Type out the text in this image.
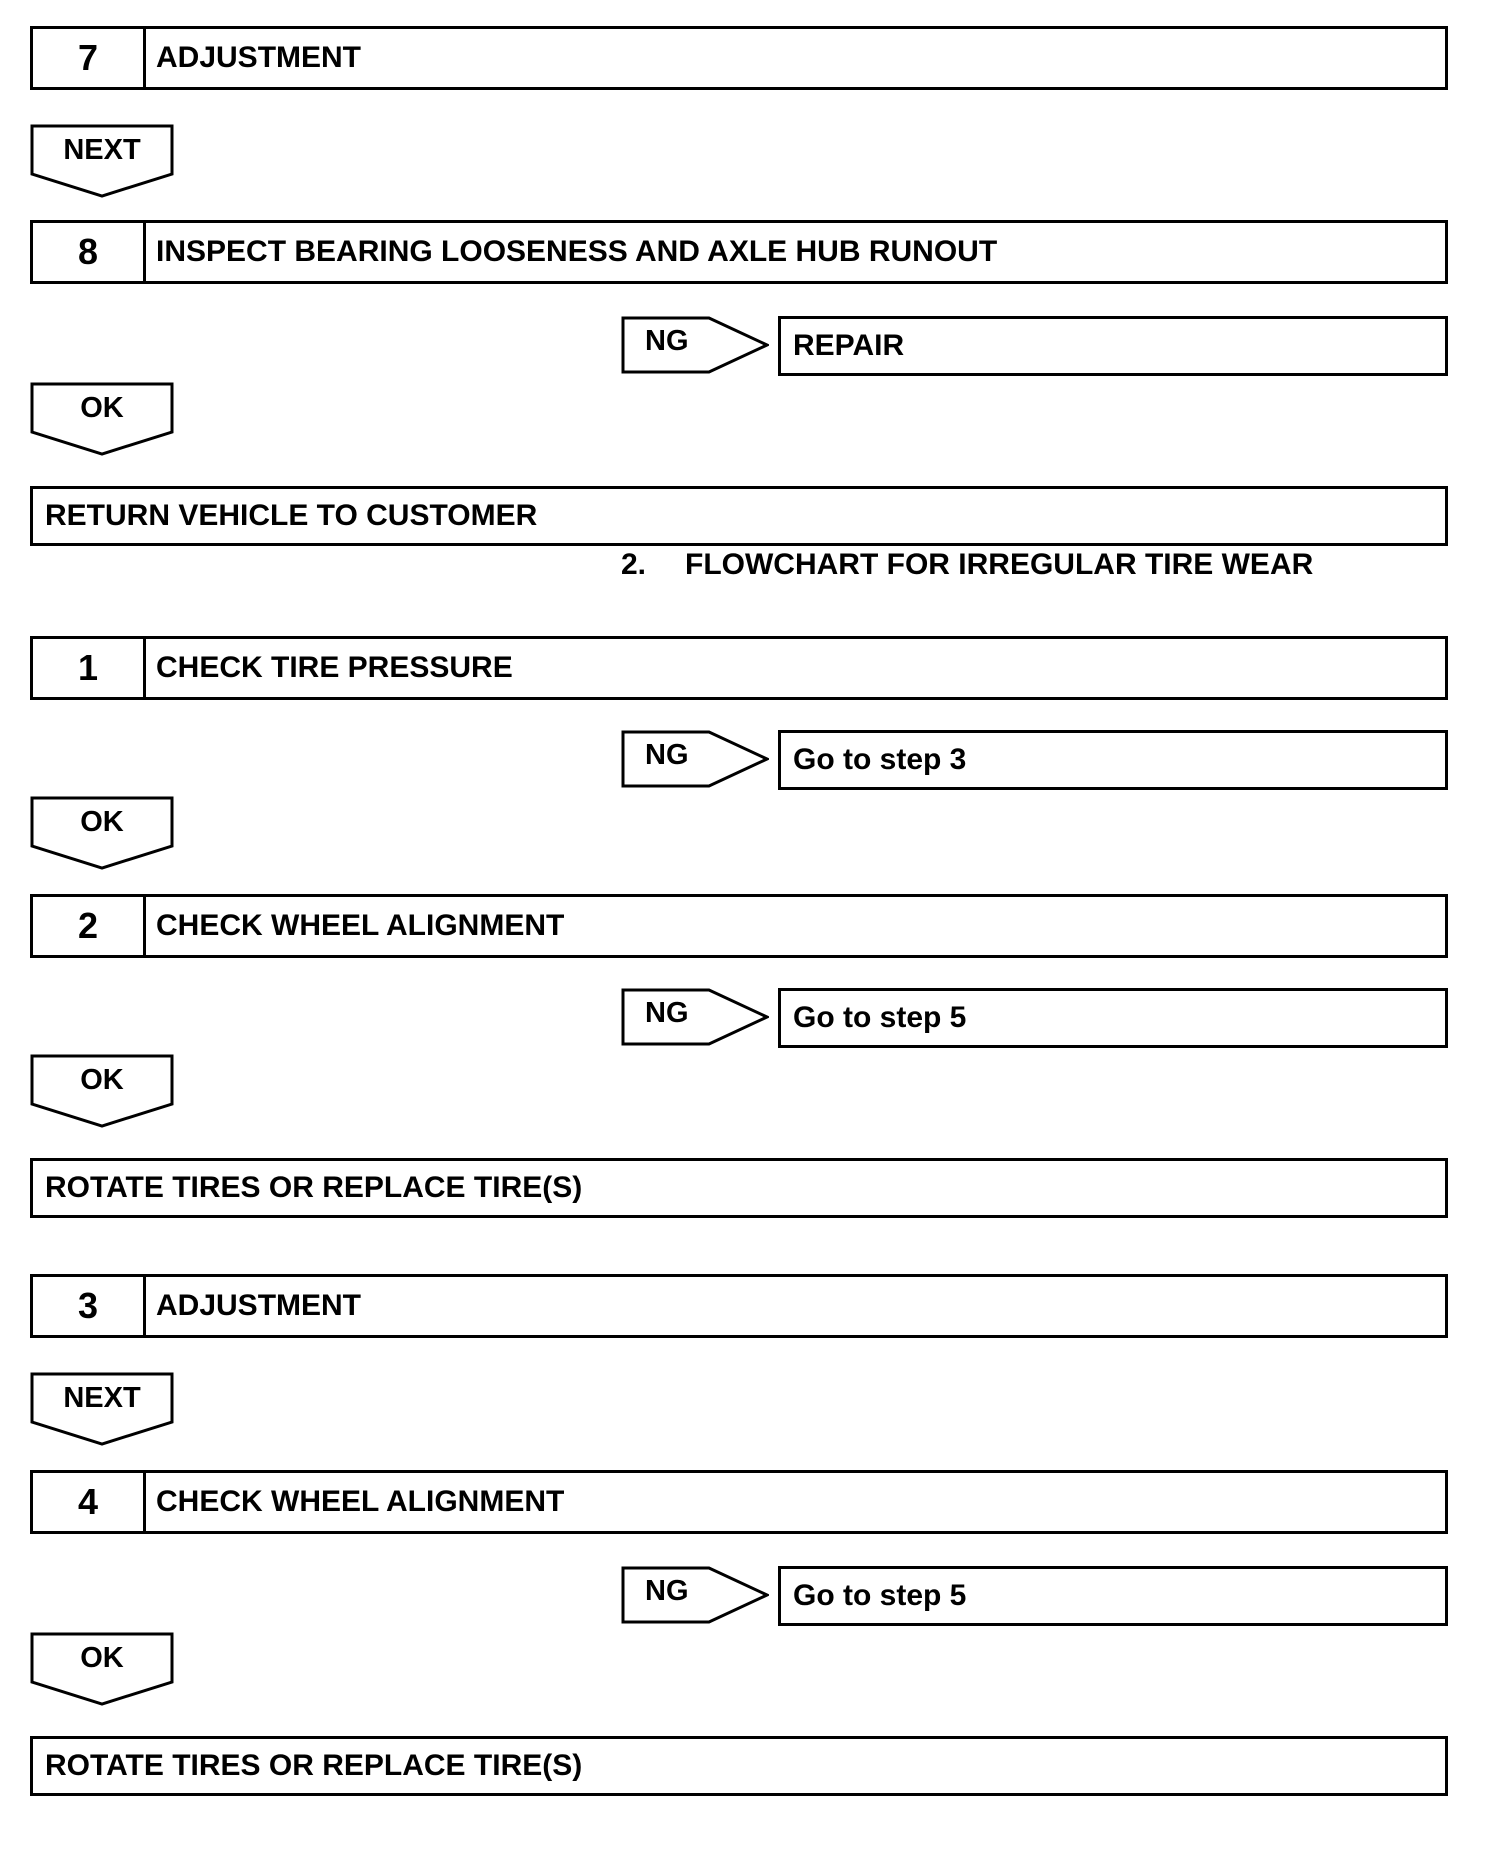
7	ADJUSTMENT
NEXT
8	INSPECT BEARING LOOSENESS AND AXLE HUB RUNOUT
NG	REPAIR
OK
RETURN VEHICLE TO CUSTOMER
2. FLOWCHART FOR IRREGULAR TIRE WEAR
1	CHECK TIRE PRESSURE
NG	Go to step 3
OK
2	CHECK WHEEL ALIGNMENT
NG	Go to step 5
OK
ROTATE TIRES OR REPLACE TIRE(S)
3	ADJUSTMENT
NEXT
4	CHECK WHEEL ALIGNMENT
NG	Go to step 5
OK
ROTATE TIRES OR REPLACE TIRE(S)
